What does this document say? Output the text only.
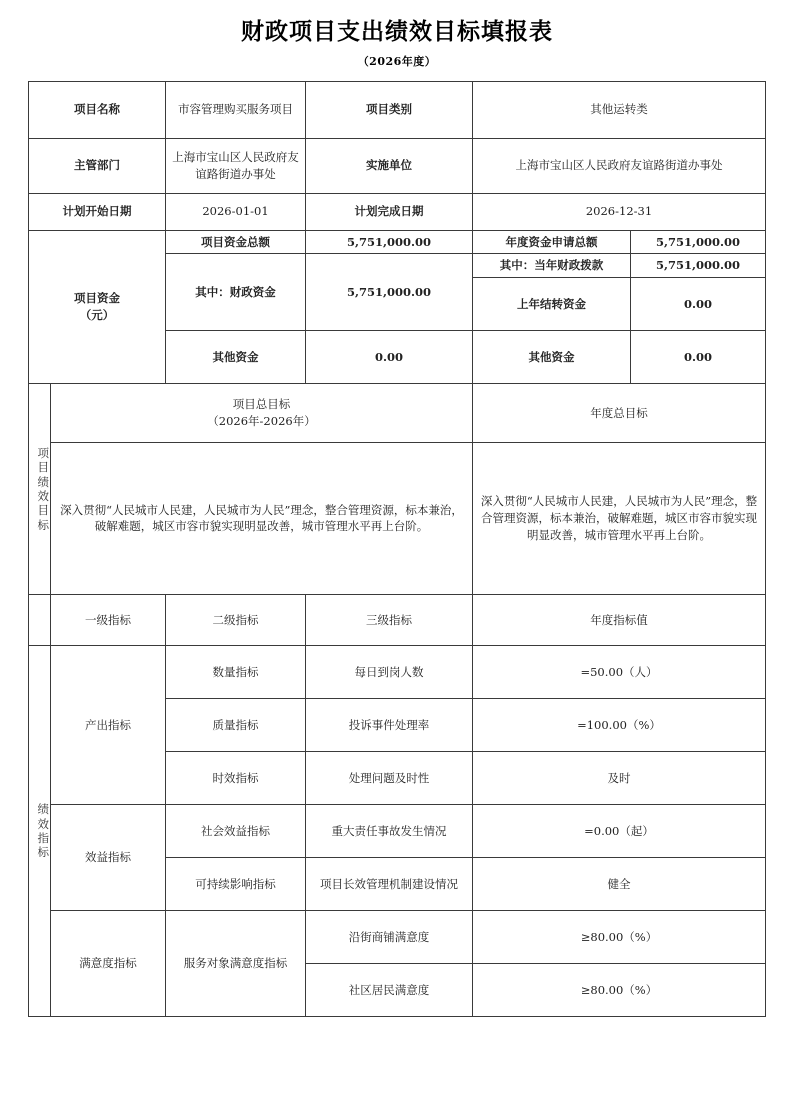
财政项目支出绩效目标填报表
（2026年度）
项目名称		市容管理购买服务项目	项目类别	其他运转类	
主管部门		上海市宝山区人民政府友谊路街道办事处	实施单位	上海市宝山区人民政府友谊路街道办事处	
计划开始日期		2026-01-01	计划完成日期	2026-12-31	

项目资金
（元）		项目资金总额	5,751,000.00	年度资金申请总额	5,751,000.00
		其中：财政资金	5,751,000.00	其中：当年财政拨款	5,751,000.00
				上年结转资金	0.00
		其他资金	0.00	其他资金	0.00

项目绩效目标	项目总目标
（2026年-2026年）			年度总目标	
	深入贯彻“人民城市人民建，人民城市为人民”理念，整合管理资源，标本兼治，破解难题，城区市容市貌实现明显改善，城市管理水平再上台阶。			深入贯彻“人民城市人民建，人民城市为人民”理念，整合管理资源，标本兼治，破解难题，城区市容市貌实现明显改善，城市管理水平再上台阶。	
	一级指标	二级指标	三级指标	年度指标值	

绩效指标	产出指标	数量指标	每日到岗人数	=50.00（人）	
		质量指标	投诉事件处理率	=100.00（%）	
		时效指标	处理问题及时性	及时	
	效益指标	社会效益指标	重大责任事故发生情况	=0.00（起）	
		可持续影响指标	项目长效管理机制建设情况	健全	
	满意度指标	服务对象满意度指标	沿街商铺满意度	≥80.00（%）	
			社区居民满意度	≥80.00（%）	
